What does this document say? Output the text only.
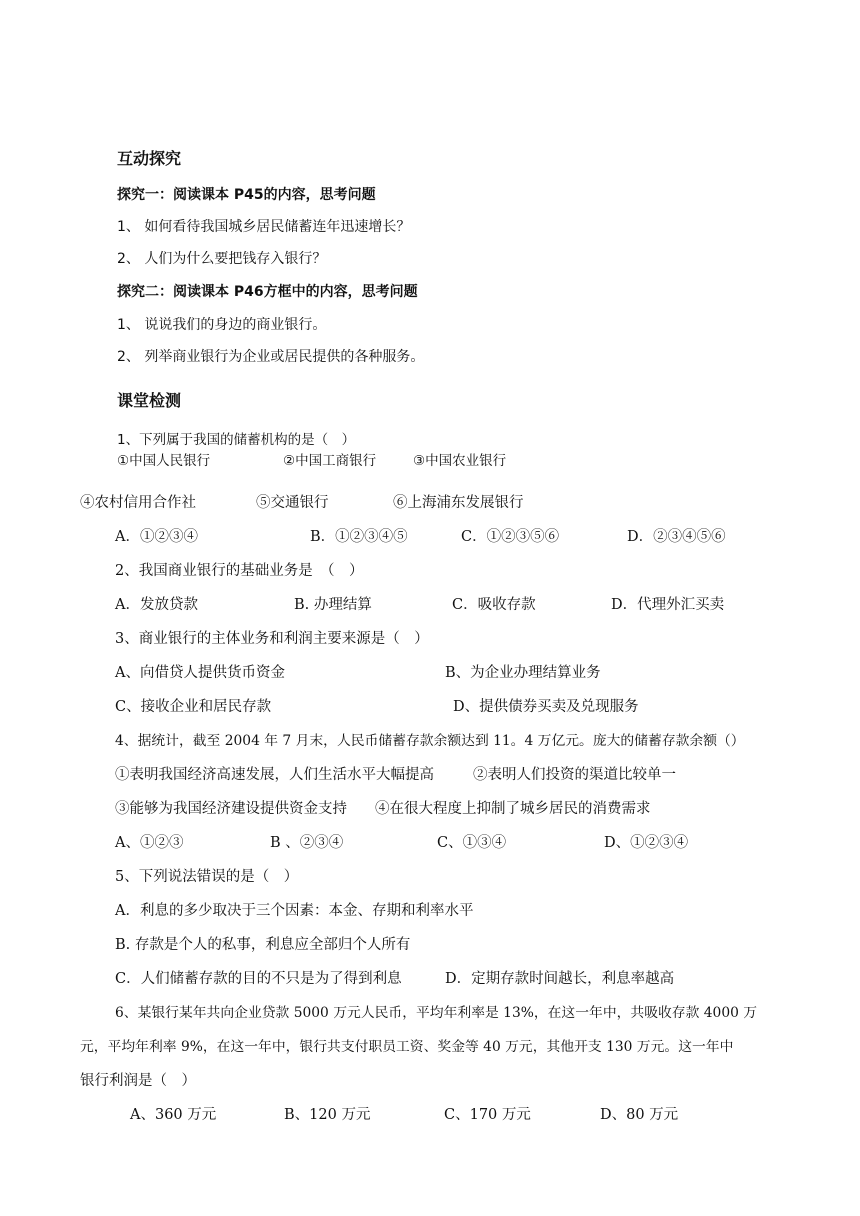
互动探究
探究一：阅读课本 P45的内容，思考问题
1、 如何看待我国城乡居民储蓄连年迅速增长？
2、 人们为什么要把钱存入银行？
探究二：阅读课本 P46方框中的内容，思考问题
1、 说说我们的身边的商业银行。
2、 列举商业银行为企业或居民提供的各种服务。
课堂检测
1、下列属于我国的储蓄机构的是（　）
①中国人民银行	②中国工商银行	③中国农业银行
④农村信用合作社	⑤交通银行	⑥上海浦东发展银行
A．①②③④	B．①②③④⑤	C．①②③⑤⑥	D．②③④⑤⑥
2、我国商业银行的基础业务是　（　）
A．发放贷款	B. 办理结算	C．吸收存款	D．代理外汇买卖
3、商业银行的主体业务和利润主要来源是（　）
A、向借贷人提供货币资金	B、为企业办理结算业务
C、接收企业和居民存款	D、提供债券买卖及兑现服务
4、据统计，截至 2004 年 7 月末，人民币储蓄存款余额达到 11。4 万亿元。庞大的储蓄存款余额（）
①表明我国经济高速发展，人们生活水平大幅提高	②表明人们投资的渠道比较单一
③能够为我国经济建设提供资金支持 ④在很大程度上抑制了城乡居民的消费需求
A、①②③	B 、②③④	C、①③④	D、①②③④
5、下列说法错误的是（　）
A．利息的多少取决于三个因素：本金、存期和利率水平
B. 存款是个人的私事，利息应全部归个人所有
C．人们储蓄存款的目的不只是为了得到利息	D．定期存款时间越长，利息率越高
6、某银行某年共向企业贷款 5000 万元人民币，平均年利率是 13%，在这一年中，共吸收存款 4000 万
元，平均年利率 9%，在这一年中，银行共支付职员工资、奖金等 40 万元，其他开支 130 万元。这一年中
银行利润是（　）
A、360 万元	B、120 万元	C、170 万元	D、80 万元
